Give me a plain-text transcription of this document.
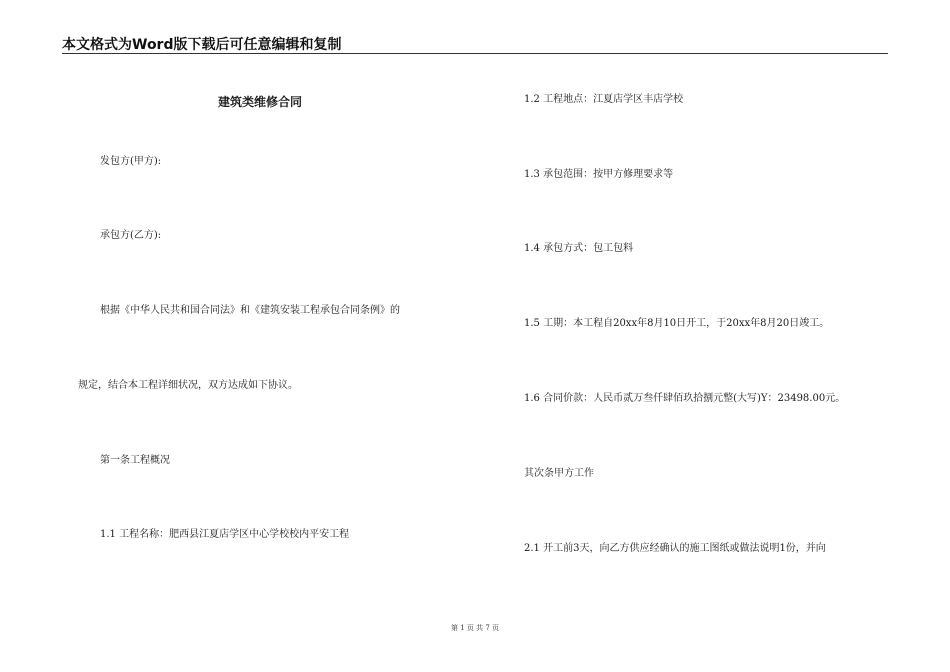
本文格式为Word版下载后可任意编辑和复制
建筑类维修合同
发包方(甲方):
承包方(乙方):
根据《中华人民共和国合同法》和《建筑安装工程承包合同条例》的
规定，结合本工程详细状况，双方达成如下协议。
第一条工程概况
1.1 工程名称：肥西县江夏店学区中心学校校内平安工程
1.2 工程地点：江夏店学区丰店学校
1.3 承包范围：按甲方修理要求等
1.4 承包方式：包工包料
1.5 工期：本工程自20xx年8月10日开工，于20xx年8月20日竣工。
1.6 合同价款：人民币贰万叁仟肆佰玖拾捌元整(大写)Y：23498.00元。
其次条甲方工作
2.1 开工前3天，向乙方供应经确认的施工图纸或做法说明1份，并向
第 1 页 共 7 页
